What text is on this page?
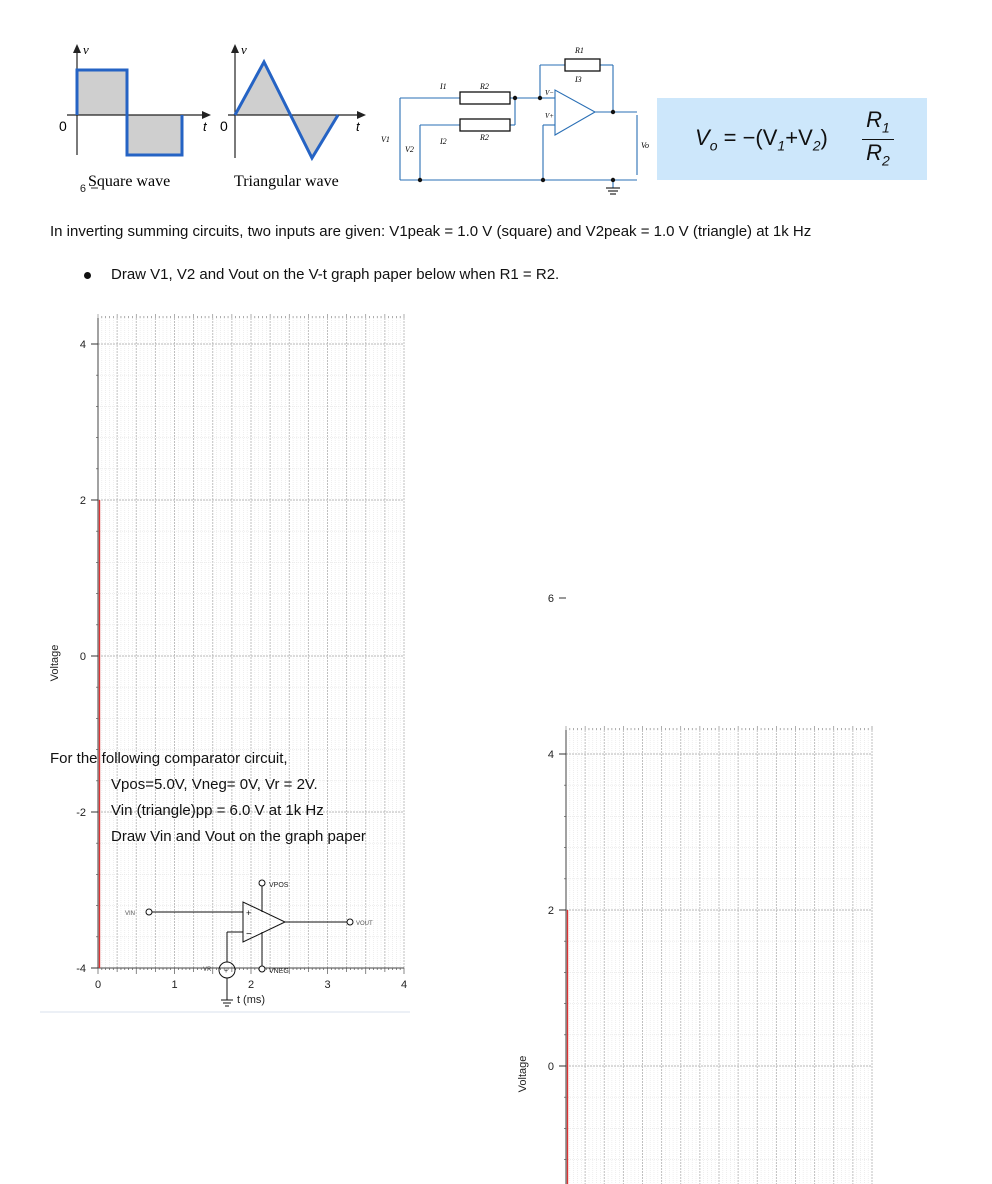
v
0	t
Square wave
v
0	t
Triangular wave
R1
R2
R2
I1
I2
I3
V1
V2
V−
V+
Vo $V_o = -(V_1+V_2) \frac{R_1}{R_2}$
In inverting summing circuits, two inputs are given: V1peak = 1.0 V (square) and V2peak = 1.0 V (triangle) at 1k Hz
Draw V1, V2 and Vout on the V-t graph paper below when R1 = R2.
6
4
2
0
-2
-4
0	1	2	3	4
t (ms)
Voltage
For the following comparator circuit,
Vpos=5.0V, Vneg= 0V, Vr = 2V.
Vin (triangle)pp = 6.0 V at 1k Hz
Draw Vin and Vout on the graph paper
+
−
+
VPOS
VNEG
VOUT
VIN
VR
6
4
2
0
Voltage
